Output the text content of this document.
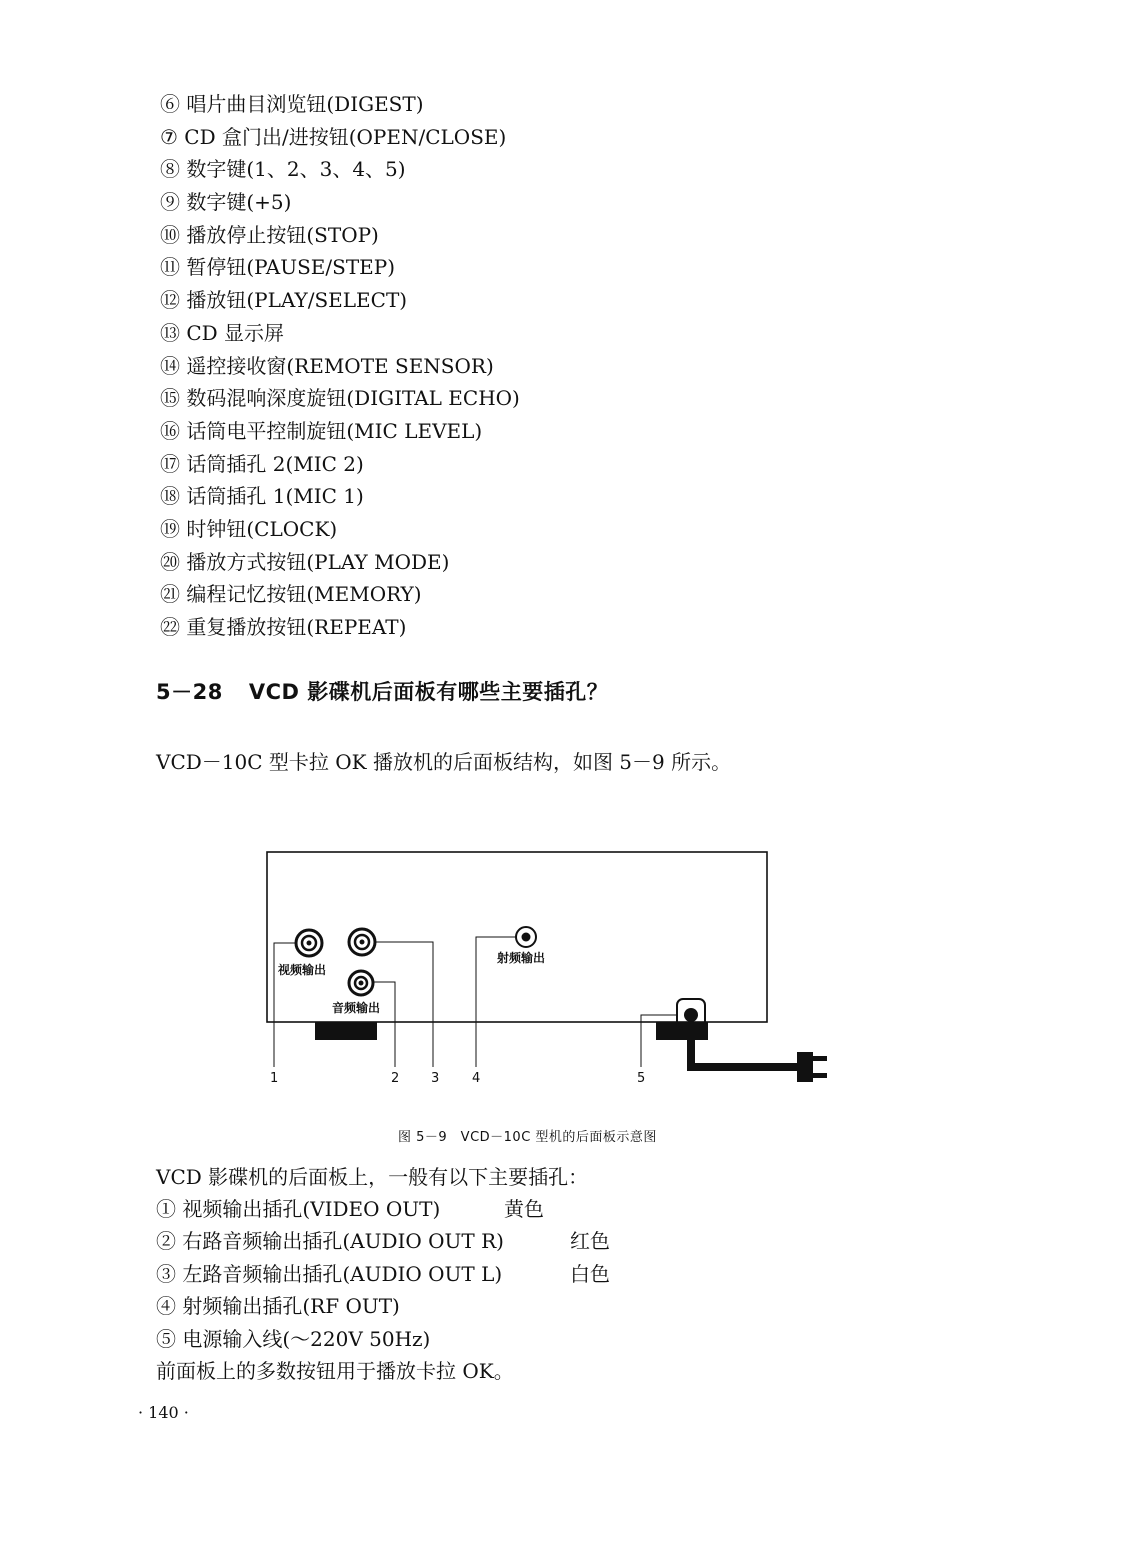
⑥ 唱片曲目浏览钮(DIGEST)
⑦ CD 盒门出/进按钮(OPEN/CLOSE)
⑧ 数字键(1、2、3、4、5)
⑨ 数字键(+5)
⑩ 播放停止按钮(STOP)
⑪ 暂停钮(PAUSE/STEP)
⑫ 播放钮(PLAY/SELECT)
⑬ CD 显示屏
⑭ 遥控接收窗(REMOTE SENSOR)
⑮ 数码混响深度旋钮(DIGITAL ECHO)
⑯ 话筒电平控制旋钮(MIC LEVEL)
⑰ 话筒插孔 2(MIC 2)
⑱ 话筒插孔 1(MIC 1)
⑲ 时钟钮(CLOCK)
⑳ 播放方式按钮(PLAY MODE)
㉑ 编程记忆按钮(MEMORY)
㉒ 重复播放按钮(REPEAT)
5－28 VCD 影碟机后面板有哪些主要插孔？

VCD－10C 型卡拉 OK 播放机的后面板结构，如图 5－9 所示。

视频输出
音频输出
射频输出
1	2 3	4	5
图 5－9　VCD－10C 型机的后面板示意图

VCD 影碟机的后面板上，一般有以下主要插孔：

① 视频输出插孔(VIDEO OUT)	黄色
② 右路音频输出插孔(AUDIO OUT R)	红色
③ 左路音频输出插孔(AUDIO OUT L)	白色
④ 射频输出插孔(RF OUT)
⑤ 电源输入线(～220V 50Hz)

前面板上的多数按钮用于播放卡拉 OK。

· 140 ·
